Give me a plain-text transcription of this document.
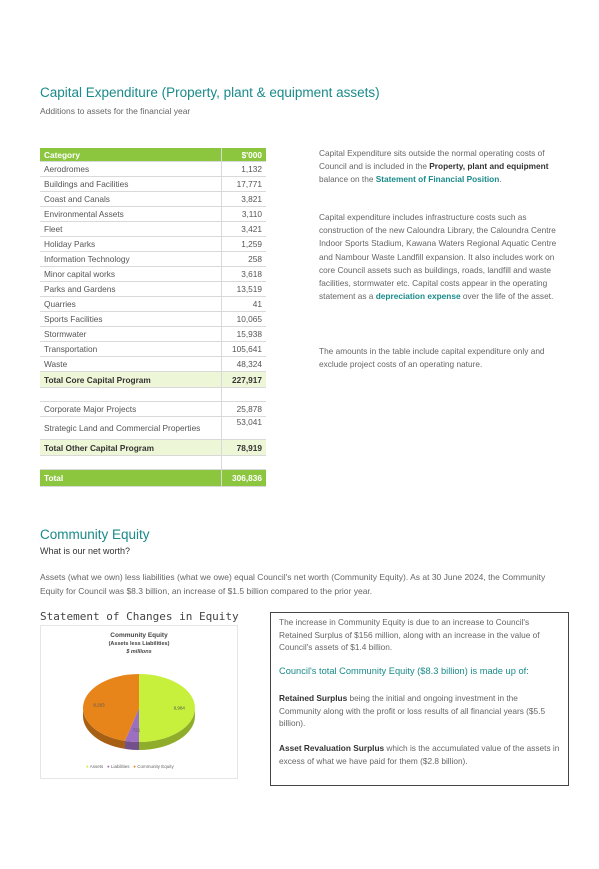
Capital Expenditure (Property, plant & equipment assets)
Additions to assets for the financial year
Category	$'000
Aerodromes	1,132
Buildings and Facilities	17,771
Coast and Canals	3,821
Environmental Assets	3,110
Fleet	3,421
Holiday Parks	1,259
Information Technology	258
Minor capital works	3,618
Parks and Gardens	13,519
Quarries	41
Sports Facilities	10,065
Stormwater	15,938
Transportation	105,641
Waste	48,324
Total Core Capital Program	227,917

Corporate Major Projects	25,878
Strategic Land and Commercial Properties	53,041
Total Other Capital Program	78,919

Total	306,836
Capital Expenditure sits outside the normal operating costs of Council and is included in the Property, plant and equipment balance on the Statement of Financial Position.
Capital expenditure includes infrastructure costs such as construction of the new Caloundra Library, the Caloundra Centre Indoor Sports Stadium, Kawana Waters Regional Aquatic Centre and Nambour Waste Landfill expansion. It also includes work on core Council assets such as buildings, roads, landfill and waste facilities, stormwater etc. Capital costs appear in the operating statement as a depreciation expense over the life of the asset.
The amounts in the table include capital expenditure only and exclude project costs of an operating nature.
Community Equity
What is our net worth?
Assets (what we own) less liabilities (what we owe) equal Council's net worth (Community Equity). As at 30 June 2024, the Community Equity for Council was $8.3 billion, an increase of $1.5 billion compared to the prior year.
Statement of Changes in Equity
Community Equity
(Assets less Liabilities)
$ millions
8,984
721
8,263
● Assets ● Liabilities ● Community Equity
The increase in Community Equity is due to an increase to Council's Retained Surplus of $156 million, along with an increase in the value of Council's assets of $1.4 billion.
Council's total Community Equity ($8.3 billion) is made up of:
Retained Surplus being the initial and ongoing investment in the Community along with the profit or loss results of all financial years ($5.5 billion).
Asset Revaluation Surplus which is the accumulated value of the assets in excess of what we have paid for them ($2.8 billion).
